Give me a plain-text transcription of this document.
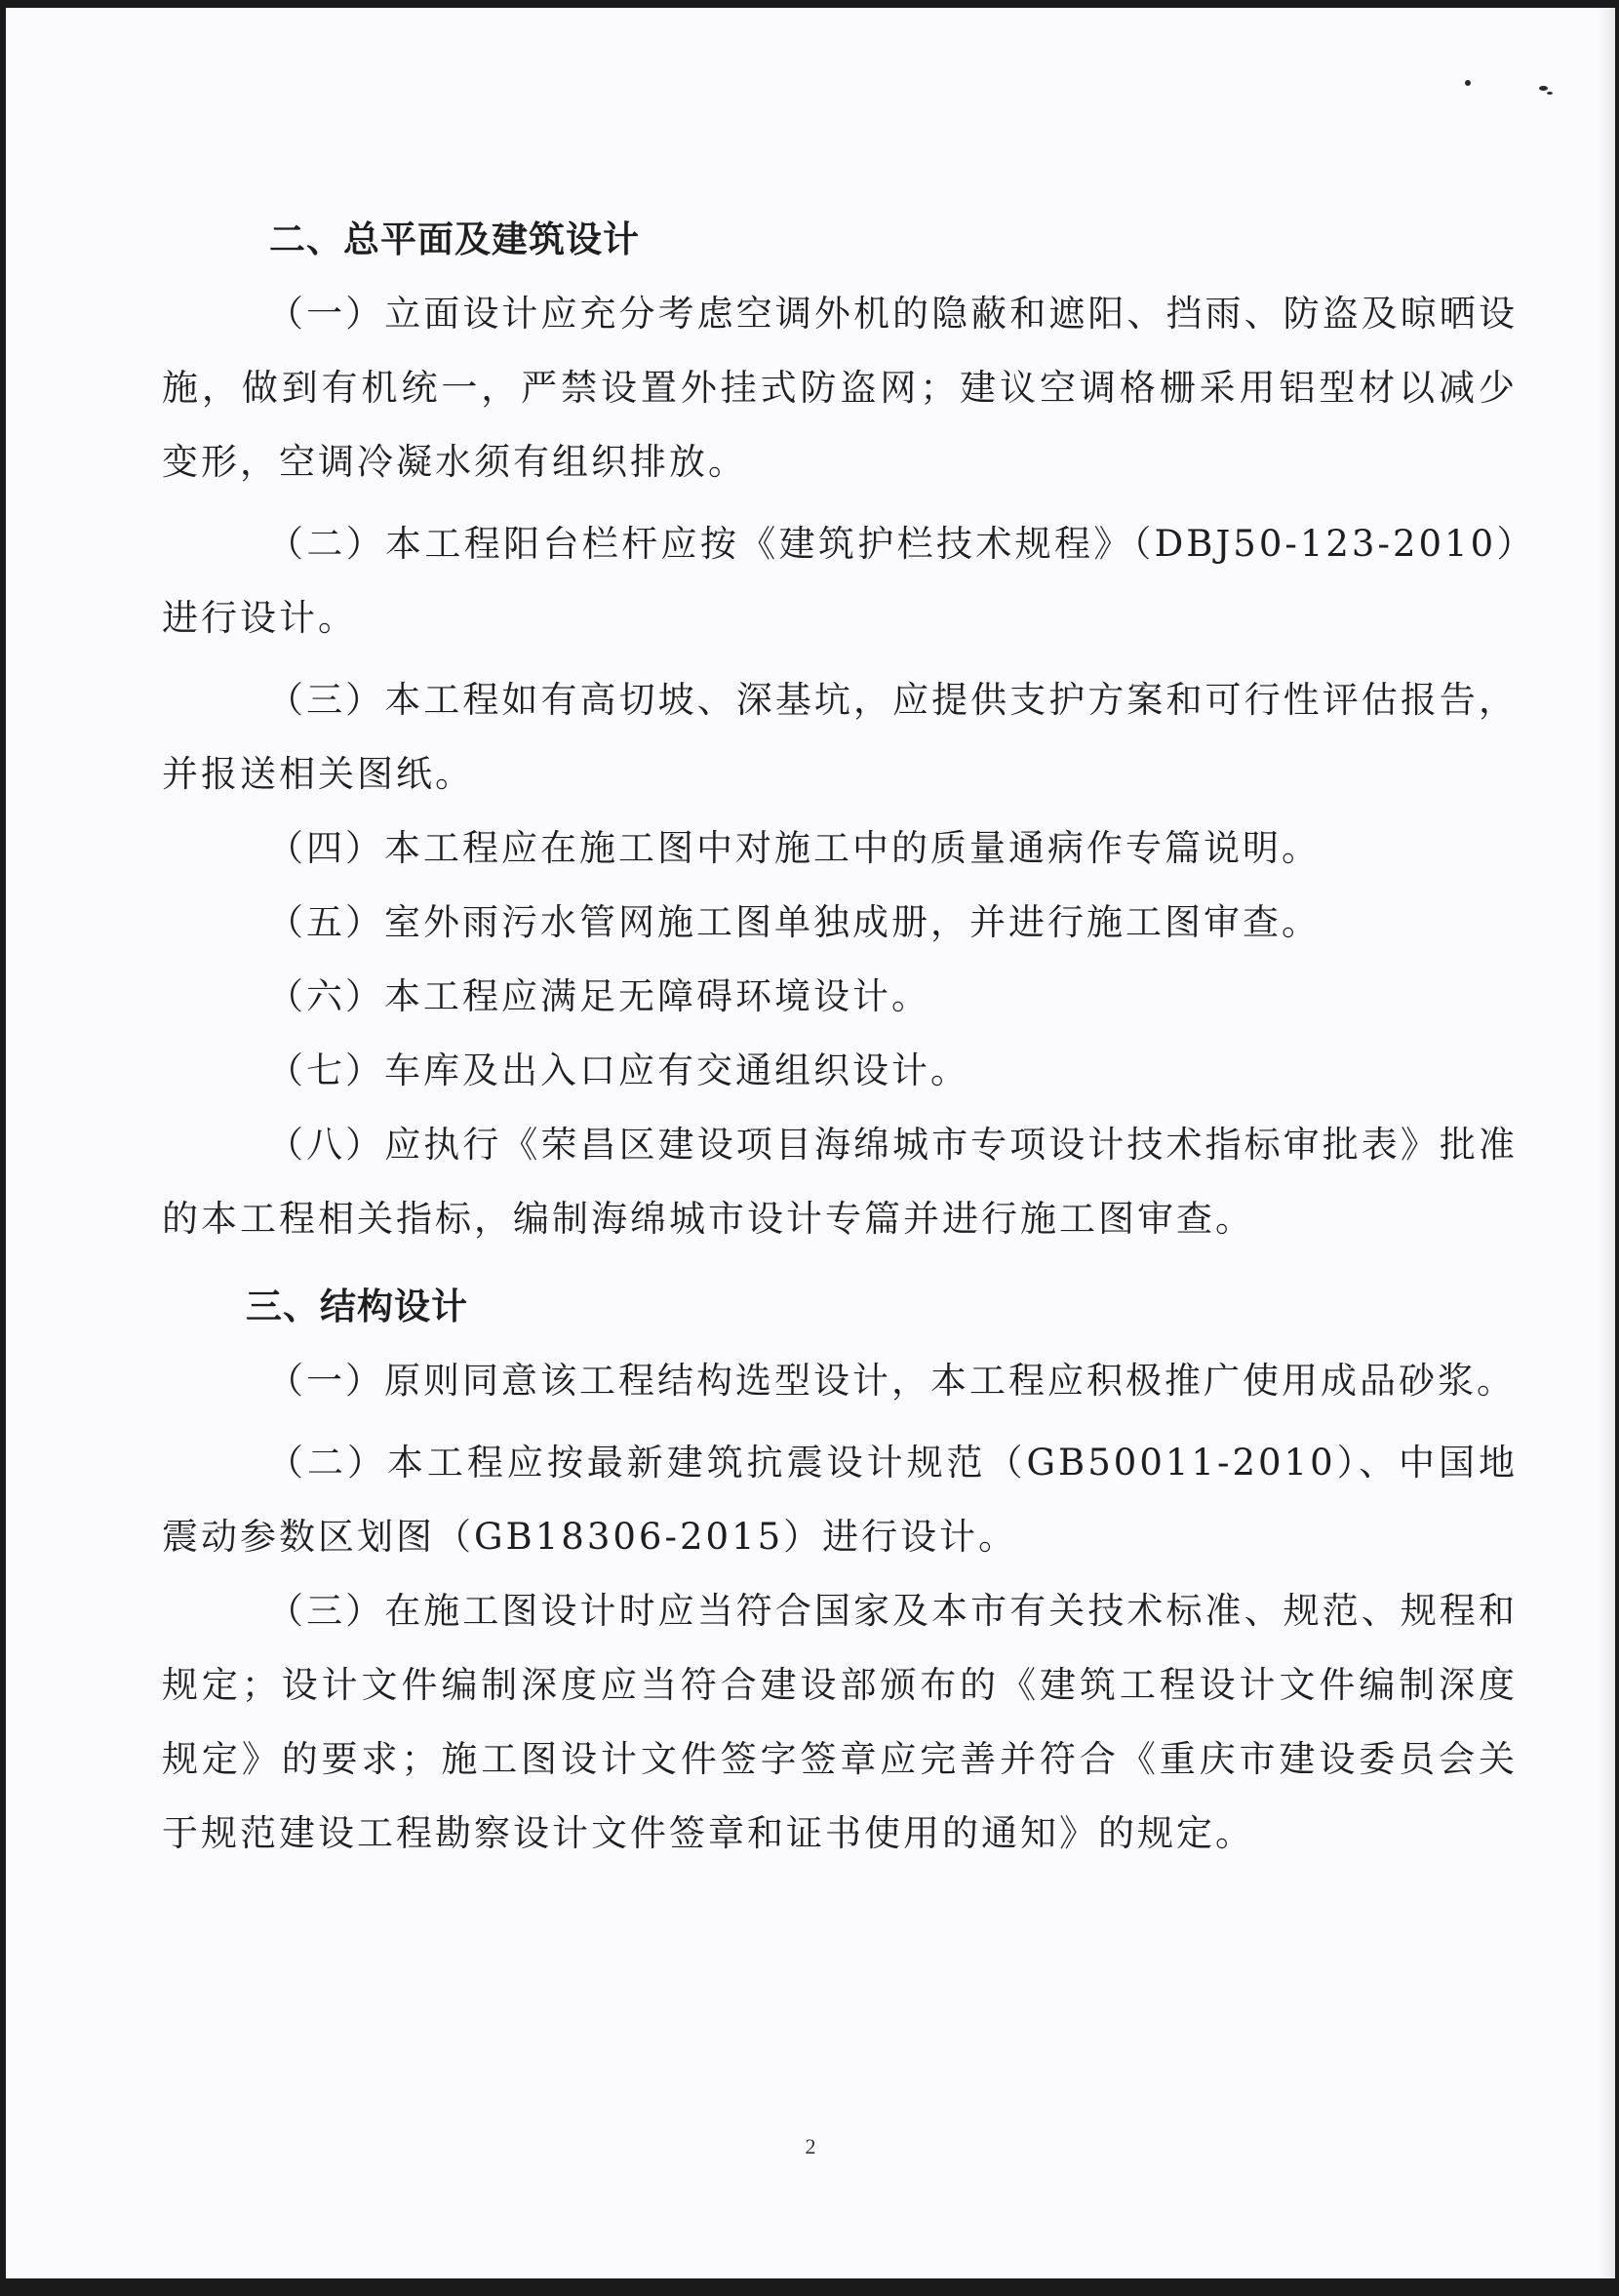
二、总平面及建筑设计

（一）立面设计应充分考虑空调外机的隐蔽和遮阳、挡雨、防盗及晾晒设施，做到有机统一，严禁设置外挂式防盗网；建议空调格栅采用铝型材以减少变形，空调冷凝水须有组织排放。

（二）本工程阳台栏杆应按《建筑护栏技术规程》（DBJ50-123-2010）进行设计。

（三）本工程如有高切坡、深基坑，应提供支护方案和可行性评估报告，并报送相关图纸。

（四）本工程应在施工图中对施工中的质量通病作专篇说明。

（五）室外雨污水管网施工图单独成册，并进行施工图审查。

（六）本工程应满足无障碍环境设计。

（七）车库及出入口应有交通组织设计。

（八）应执行《荣昌区建设项目海绵城市专项设计技术指标审批表》批准的本工程相关指标，编制海绵城市设计专篇并进行施工图审查。

三、结构设计

（一）原则同意该工程结构选型设计，本工程应积极推广使用成品砂浆。

（二）本工程应按最新建筑抗震设计规范（GB50011-2010）、中国地震动参数区划图（GB18306-2015）进行设计。

（三）在施工图设计时应当符合国家及本市有关技术标准、规范、规程和规定；设计文件编制深度应当符合建设部颁布的《建筑工程设计文件编制深度规定》的要求；施工图设计文件签字签章应完善并符合《重庆市建设委员会关于规范建设工程勘察设计文件签章和证书使用的通知》的规定。

2
